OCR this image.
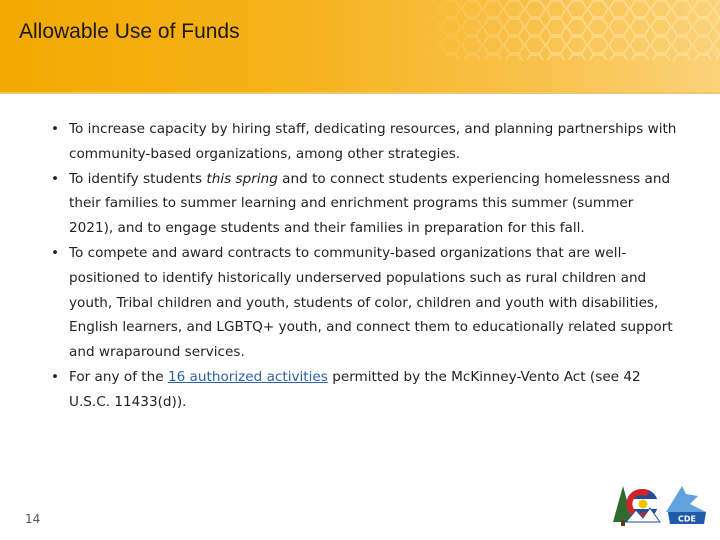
Allowable Use of Funds
• To increase capacity by hiring staff, dedicating resources, and planning partnerships with community-based organizations, among other strategies.
• To identify students this spring and to connect students experiencing homelessness and their families to summer learning and enrichment programs this summer (summer 2021), and to engage students and their families in preparation for this fall.
• To compete and award contracts to community-based organizations that are well-positioned to identify historically underserved populations such as rural children and youth, Tribal children and youth, students of color, children and youth with disabilities, English learners, and LGBTQ+ youth, and connect them to educationally related support and wraparound services.
• For any of the 16 authorized activities permitted by the McKinney-Vento Act (see 42 U.S.C. 11433(d)).
14	CDE
